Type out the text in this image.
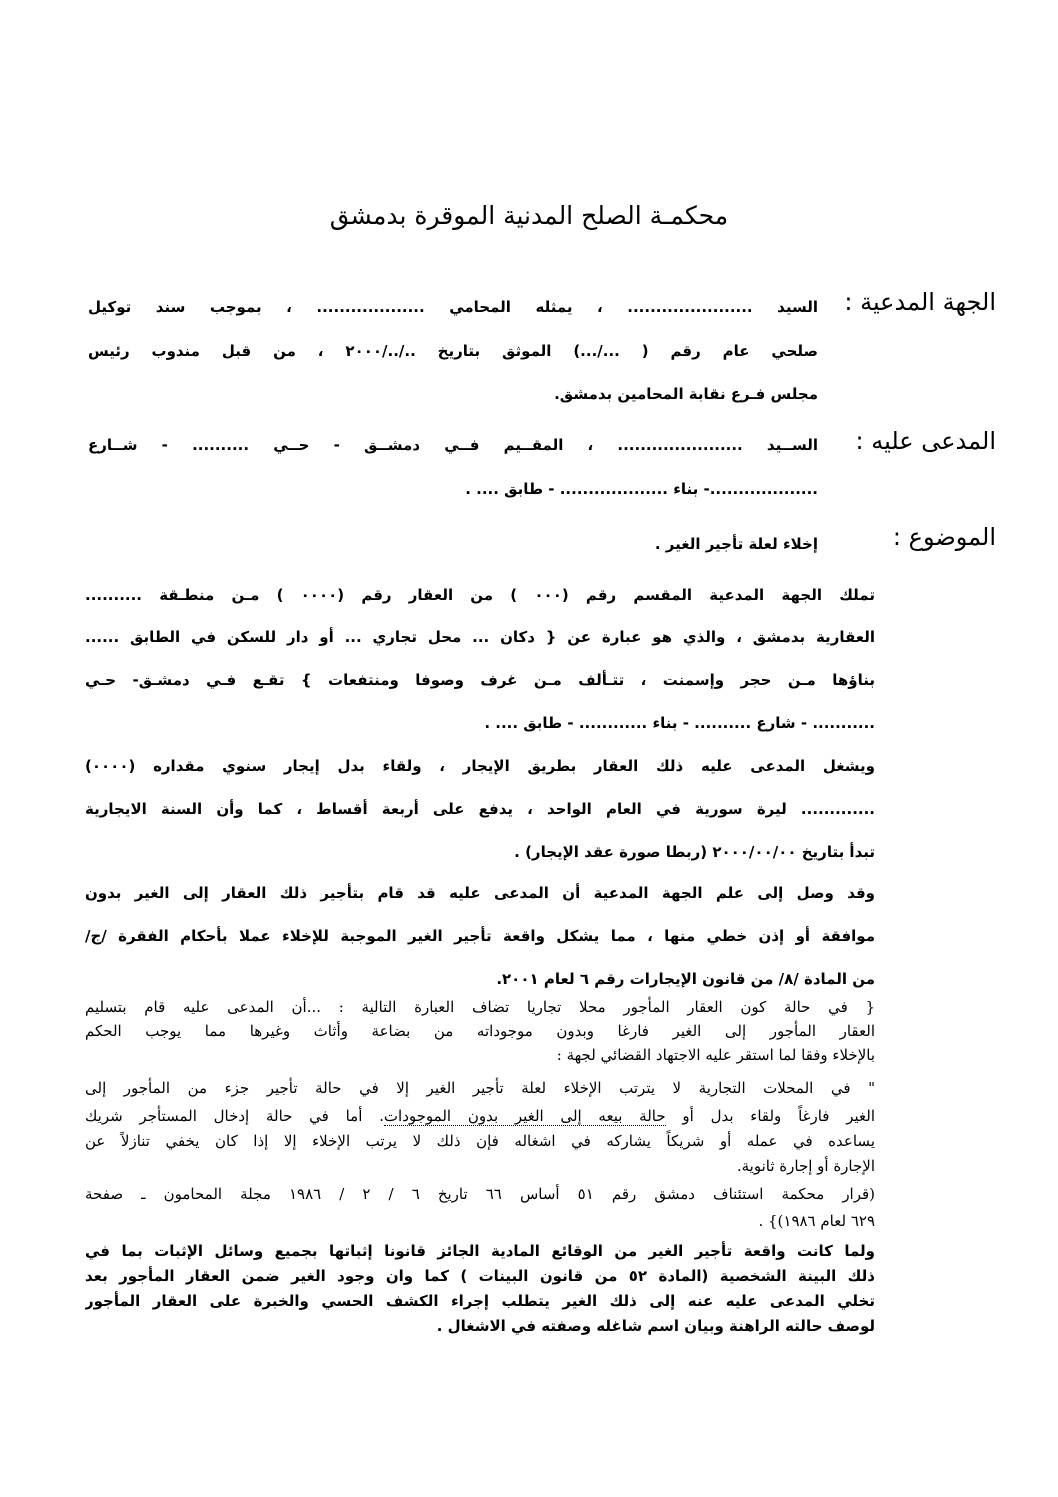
محكمـة الصلح المدنية الموقرة بدمشق
الجهة المدعية :
السيد ...................... ، يمثله المحامي ................... ، بموجب سند توكيل
صلحي عام رقم ( .../...) الموثق بتاريخ ../../٢٠٠٠ ، من قبل مندوب رئيس
مجلس فـرع نقابة المحامين بدمشق.
المدعى عليه :
الســيد ...................... ، المقــيم فــي دمشــق - حــي .......... - شــارع
...................- بناء ................... - طابق .... .
الموضوع :
إخلاء لعلة تأجير الغير .
تملك الجهة المدعية المقسم رقم (٠٠٠ ) من العقار رقم (٠٠٠٠ ) مـن منطـقة ..........
العقارية بدمشق ، والذي هو عبارة عن { دكان ... محل تجاري ... أو دار للسكن في الطابق ......
بناؤها مـن حجر وإسمنت ، تتـألف مـن غرف وصوفا ومنتفعات } تقـع فـي دمشـق- حـي
........... - شارع .......... - بناء ............ - طابق .... .
ويشغل المدعى عليه ذلك العقار بطريق الإيجار ، ولقاء بدل إيجار سنوي مقداره (٠٠٠٠)
............. ليرة سورية في العام الواحد ، يدفع على أربعة أقساط ، كما وأن السنة الايجارية
تبدأ بتاريخ ٢٠٠٠/٠٠/٠٠ (ربطا صورة عقد الإيجار) .
وقد وصل إلى علم الجهة المدعية أن المدعى عليه قد قام بتأجير ذلك العقار إلى الغير بدون
موافقة أو إذن خطي منها ، مما يشكل واقعة تأجير الغير الموجبة للإخلاء عملا بأحكام الفقرة /ج/
من المادة /٨/ من قانون الإيجارات رقم ٦ لعام ٢٠٠١.
{ في حالة كون العقار المأجور محلا تجاريا تضاف العبارة التالية : ...أن المدعى عليه قام بتسليم
العقار المأجور إلى الغير فارغا وبدون موجوداته من بضاعة وأثاث وغيرها مما يوجب الحكم
بالإخلاء وفقا لما استقر عليه الاجتهاد القضائي لجهة :
" في المحلات التجارية لا يترتب الإخلاء لعلة تأجير الغير إلا في حالة تأجير جزء من المأجور إلى
الغير فارغاً ولقاء بدل أو حالة بيعه إلى الغير بدون الموجودات. أما في حالة إدخال المستأجر شريك
يساعده في عمله أو شريكاً يشاركه في اشغاله فإن ذلك لا يرتب الإخلاء إلا إذا كان يخفي تنازلاً عن
الإجارة أو إجارة ثانوية.
(قرار محكمة استئناف دمشق رقم ٥١ أساس ٦٦ تاريخ ٦ / ٢ / ١٩٨٦ مجلة المحامون ـ صفحة
٦٢٩ لعام ١٩٨٦)} .
ولما كانت واقعة تأجير الغير من الوقائع المادية الجائز قانونا إثباتها بجميع وسائل الإثبات بما في
ذلك البينة الشخصية (المادة ٥٢ من قانون البينات ) كما وان وجود الغير ضمن العقار المأجور بعد
تخلي المدعى عليه عنه إلى ذلك الغير يتطلب إجراء الكشف الحسي والخبرة على العقار المأجور
لوصف حالته الراهنة وبيان اسم شاغله وصفته في الاشغال .
